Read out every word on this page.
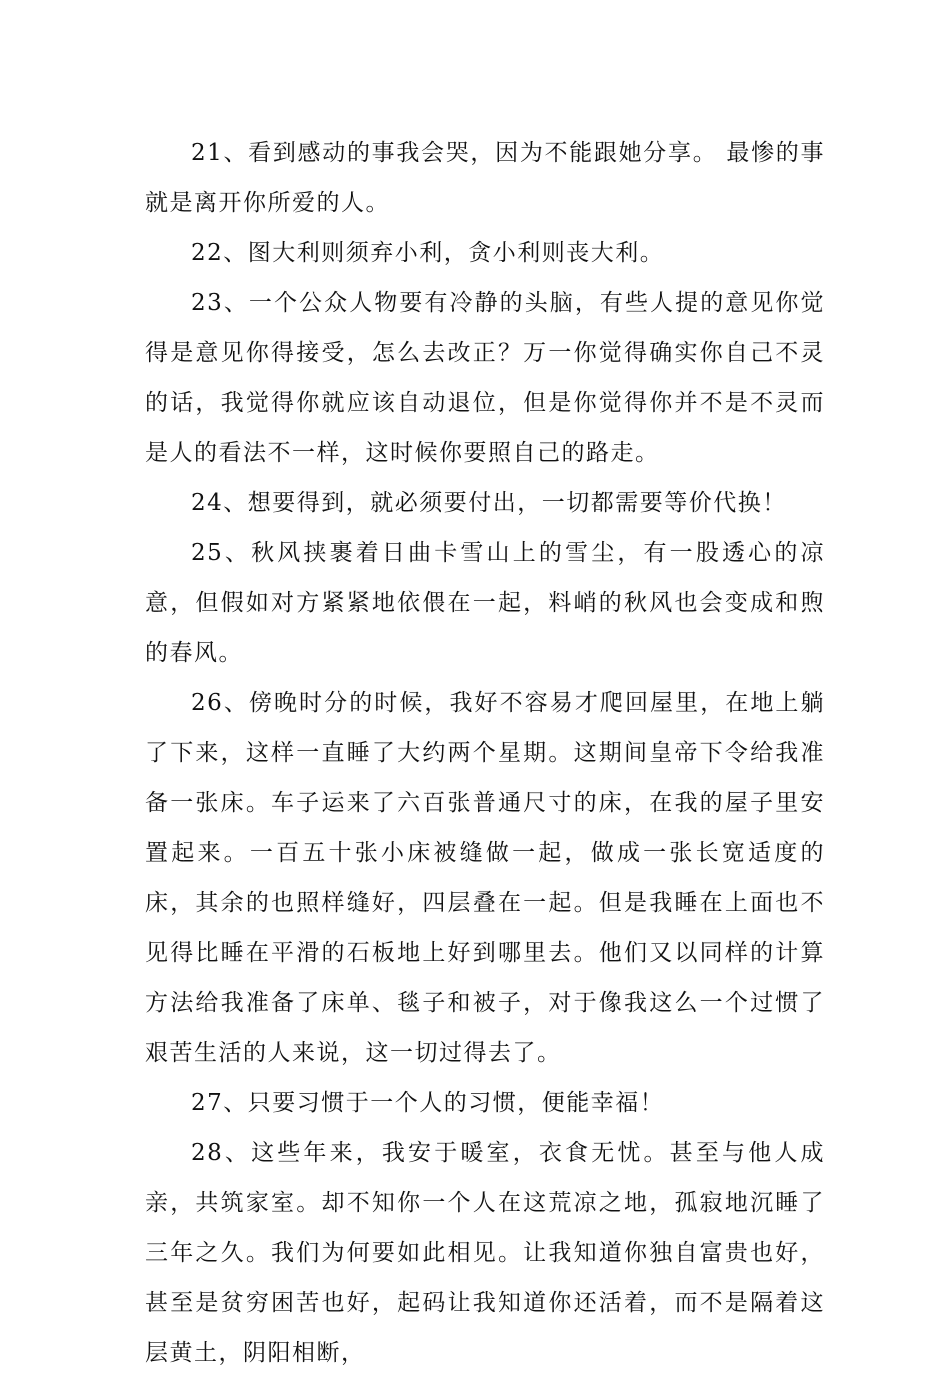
21、看到感动的事我会哭，因为不能跟她分享。 最惨的事就是离开你所爱的人。

22、图大利则须弃小利，贪小利则丧大利。

23、一个公众人物要有冷静的头脑，有些人提的意见你觉得是意见你得接受，怎么去改正？万一你觉得确实你自己不灵的话，我觉得你就应该自动退位，但是你觉得你并不是不灵而是人的看法不一样，这时候你要照自己的路走。

24、想要得到，就必须要付出，一切都需要等价代换！

25、秋风挟裹着日曲卡雪山上的雪尘，有一股透心的凉意，但假如对方紧紧地依偎在一起，料峭的秋风也会变成和煦的春风。

26、傍晚时分的时候，我好不容易才爬回屋里，在地上躺了下来，这样一直睡了大约两个星期。这期间皇帝下令给我准备一张床。车子运来了六百张普通尺寸的床，在我的屋子里安置起来。一百五十张小床被缝做一起，做成一张长宽适度的床，其余的也照样缝好，四层叠在一起。但是我睡在上面也不见得比睡在平滑的石板地上好到哪里去。他们又以同样的计算方法给我准备了床单、毯子和被子，对于像我这么一个过惯了艰苦生活的人来说，这一切过得去了。

27、只要习惯于一个人的习惯，便能幸福！

28、这些年来，我安于暖室，衣食无忧。甚至与他人成亲，共筑家室。却不知你一个人在这荒凉之地，孤寂地沉睡了三年之久。我们为何要如此相见。让我知道你独自富贵也好，甚至是贫穷困苦也好，起码让我知道你还活着，而不是隔着这层黄土，阴阳相断，
